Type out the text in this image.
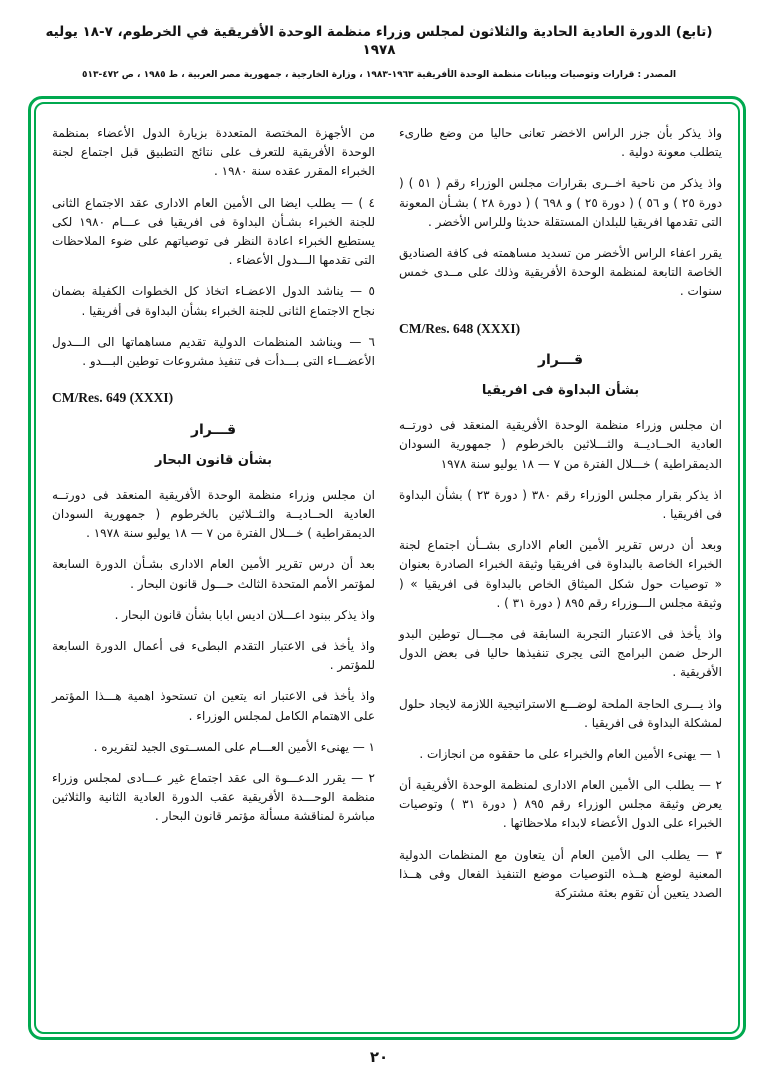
(تابع) الدورة العادية الحادية والثلاثون لمجلس وزراء منظمة الوحدة الأفريقية في الخرطوم، ٧-١٨ يوليه ١٩٧٨
المصدر : قرارات وتوصيات وبيانات منظمة الوحدة الأفريقية ١٩٦٣-١٩٨٣ ، وزارة الخارجية ، جمهورية مصر العربية ، ط ١٩٨٥ ، ص ٤٧٢-٥١٣

واذ يذكر بأن جزر الراس الاخضر تعانى حاليا من وضع طارىء يتطلب معونة دولية .

واذ يذكر من ناحية اخــرى بقرارات مجلس الوزراء رقم ( ٥١ ) ( دورة ٢٥ ) و ٥٦ ) ( دورة ٢٥ ) و ٦٩٨ ) ( دورة ٢٨ ) بشـأن المعونة التى تقدمها افريقيا للبلدان المستقلة حديثا وللراس الأخضر .

يقرر اعفاء الراس الأخضر من تسديد مساهمته فى كافة الصناديق الخاصة التابعة لمنظمة الوحدة الأفريقية وذلك على مــدى خمس سنوات .

CM/Res. 648 (XXXI)
قـــرار
بشأن البداوة فى افريقيا

ان مجلس وزراء منظمة الوحدة الأفريقية المنعقد فى دورتــه العادية الحــاديــة والثـــلاثين بالخرطوم ( جمهورية السودان الديمقراطية ) خـــلال الفترة من ٧ — ١٨ يوليو سنة ١٩٧٨

اذ يذكر بقرار مجلس الوزراء رقم ٣٨٠ ( دورة ٢٣ ) بشأن البداوة فى افريقيا .

وبعد أن درس تقرير الأمين العام الادارى بشــأن اجتماع لجنة الخبراء الخاصة بالبداوة فى افريقيا وثيقة الخبراء الصادرة بعنوان « توصيات حول شكل الميثاق الخاص بالبداوة فى افريقيا » ( وثيقة مجلس الـــوزراء رقم ٨٩٥ ( دورة ٣١ ) .

واذ يأخذ فى الاعتبار التجربة السابقة فى مجـــال توطين البدو الرحل ضمن البرامج التى يجرى تنفيذها حاليا فى بعض الدول الأفريقية .

واذ يـــرى الحاجة الملحة لوضـــع الاستراتيجية اللازمة لايجاد حلول لمشكلة البداوة فى افريقيا .

١ — يهنىء الأمين العام والخبراء على ما حققوه من انجازات .

٢ — يطلب الى الأمين العام الادارى لمنظمة الوحدة الأفريقية أن يعرض وثيقة مجلس الوزراء رقم ٨٩٥ ( دورة ٣١ ) وتوصيات الخبراء على الدول الأعضاء لابداء ملاحظاتها .

٣ — يطلب الى الأمين العام أن يتعاون مع المنظمات الدولية المعنية لوضع هــذه التوصيات موضع التنفيذ الفعال وفى هــذا الصدد يتعين أن تقوم بعثة مشتركة

من الأجهزة المختصة المتعددة بزيارة الدول الأعضاء بمنظمة الوحدة الأفريقية للتعرف على نتائج التطبيق قبل اجتماع لجنة الخبراء المقرر عقده سنة ١٩٨٠ .

٤ ) — يطلب ايضا الى الأمين العام الادارى عقد الاجتماع الثانى للجنة الخبراء بشـأن البداوة فى افريقيا فى عـــام ١٩٨٠ لكى يستطيع الخبراء اعادة النظر فى توصياتهم على ضوء الملاحظات التى تقدمها الـــدول الأعضاء .

٥ — يناشد الدول الاعضـاء اتخاذ كل الخطوات الكفيلة بضمان نجاح الاجتماع الثانى للجنة الخبراء بشأن البداوة فى أفريقيا .

٦ — ويناشد المنظمات الدولية تقديم مساهماتها الى الـــدول الأعضـــاء التى بـــدأت فى تنفيذ مشروعات توطين البـــدو .

CM/Res. 649 (XXXI)
قـــرار
بشأن قانون البحار

ان مجلس وزراء منظمة الوحدة الأفريقية المنعقد فى دورتــه العادية الحــاديــة والثــلاثين بالخرطوم ( جمهورية السودان الديمقراطية ) خـــلال الفترة من ٧ — ١٨ يوليو سنة ١٩٧٨ .

بعد أن درس تقرير الأمين العام الادارى بشـأن الدورة السابعة لمؤتمر الأمم المتحدة الثالث حـــول قانون البحار .

واذ يذكر ببنود اعـــلان اديس ابابا بشأن قانون البحار .

واذ يأخذ فى الاعتبار التقدم البطىء فى أعمال الدورة السابعة للمؤتمر .

واذ يأخذ فى الاعتبار انه يتعين ان تستحوذ اهمية هـــذا المؤتمر على الاهتمام الكامل لمجلس الوزراء .

١ — يهنىء الأمين العـــام على المســتوى الجيد لتقريره .

٢ — يقرر الدعـــوة الى عقد اجتماع غير عـــادى لمجلس وزراء منظمة الوحـــدة الأفريقية عقب الدورة العادية الثانية والثلاثين مباشرة لمناقشة مسألة مؤتمر قانون البحار .

٢٠
